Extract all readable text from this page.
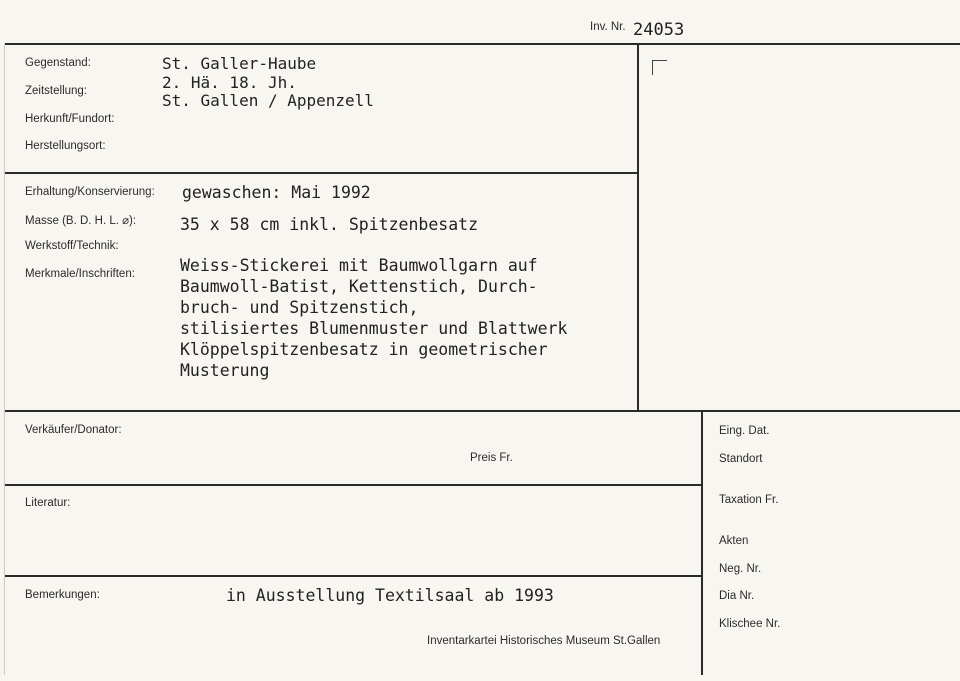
Inv. Nr. 24053
Gegenstand:
Zeitstellung:
Herkunft/Fundort:
Herstellungsort:
St. Galler-Haube
2. Hä. 18. Jh.
St. Gallen / Appenzell
Erhaltung/Konservierung:
Masse (B. D. H. L. ⌀):
Werkstoff/Technik:
Merkmale/Inschriften:
gewaschen: Mai 1992
35 x 58 cm inkl. Spitzenbesatz
Weiss-Stickerei mit Baumwollgarn auf
Baumwoll-Batist, Kettenstich, Durch-
bruch- und Spitzenstich,
stilisiertes Blumenmuster und Blattwerk
Klöppelspitzenbesatz in geometrischer
Musterung
Verkäufer/Donator:
Preis Fr.
Literatur:
Bemerkungen:	in Ausstellung Textilsaal ab 1993
Inventarkartei Historisches Museum St.Gallen
Eing. Dat.
Standort
Taxation Fr.
Akten
Neg. Nr.
Dia Nr.
Klischee Nr.
